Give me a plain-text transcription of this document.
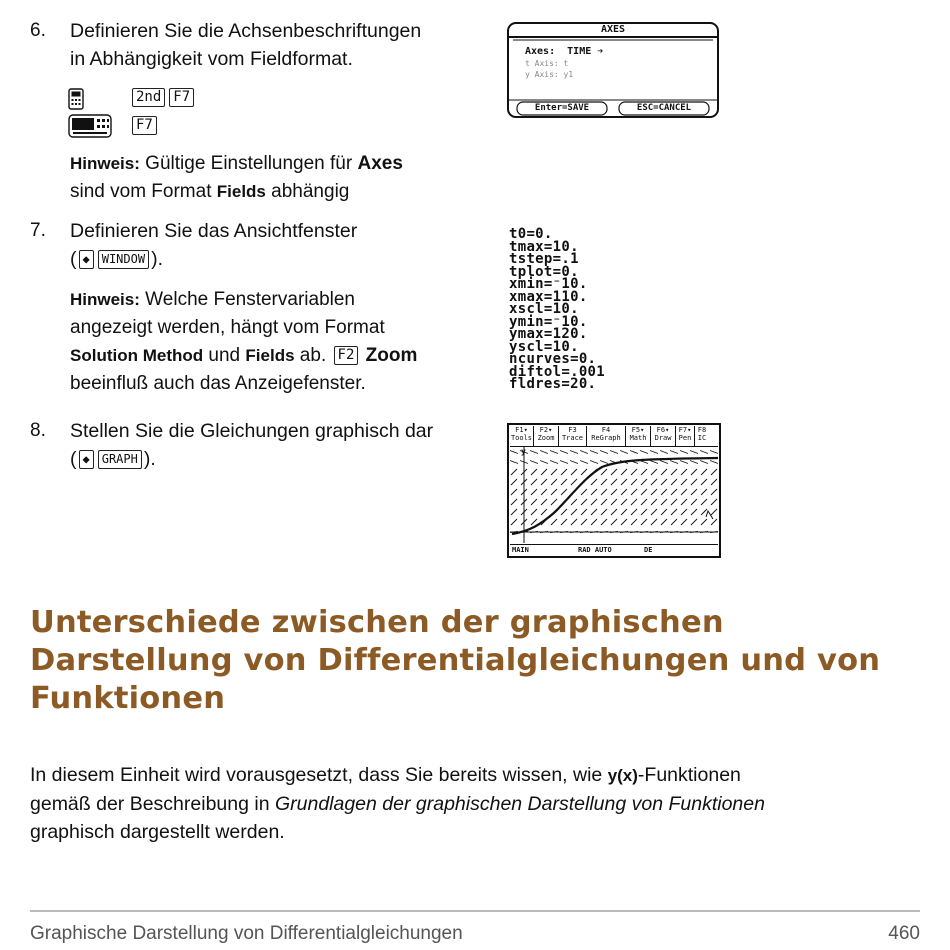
6. Definieren Sie die Achsenbeschriftungen
in Abhängigkeit vom Fieldformat.
2nd F7
F7
Hinweis: Gültige Einstellungen für Axes
sind vom Format Fields abhängig
AXES
Axes: TIME ➔
t Axis: t
y Axis: y1
Enter=SAVE	ESC=CANCEL
7. Definieren Sie das Ansichtfenster
( ◆ WINDOW ).
Hinweis: Welche Fenstervariablen
angezeigt werden, hängt vom Format
Solution Method und Fields ab. F2 Zoom
beeinfluß auch das Anzeigefenster.
t0=0.
tmax=10.
tstep=.1
tplot=0.
xmin=⁻10.
xmax=110.
xscl=10.
ymin=⁻10.
ymax=120.
yscl=10.
ncurves=0.
diftol=.001
fldres=20.
8. Stellen Sie die Gleichungen graphisch dar
( ◆ GRAPH ).
F1▾
ToolsF2▾
ZoomF3
TraceF4
ReGraphF5▾
MathF6▾
DrawF7▾
PenF8
IC
y
MAIN	RAD AUTO	DE
Unterschiede zwischen der graphischen
Darstellung von Differentialgleichungen und von
Funktionen
In diesem Einheit wird vorausgesetzt, dass Sie bereits wissen, wie y(x)-Funktionen
gemäß der Beschreibung in Grundlagen der graphischen Darstellung von Funktionen
graphisch dargestellt werden.
Graphische Darstellung von Differentialgleichungen	460
